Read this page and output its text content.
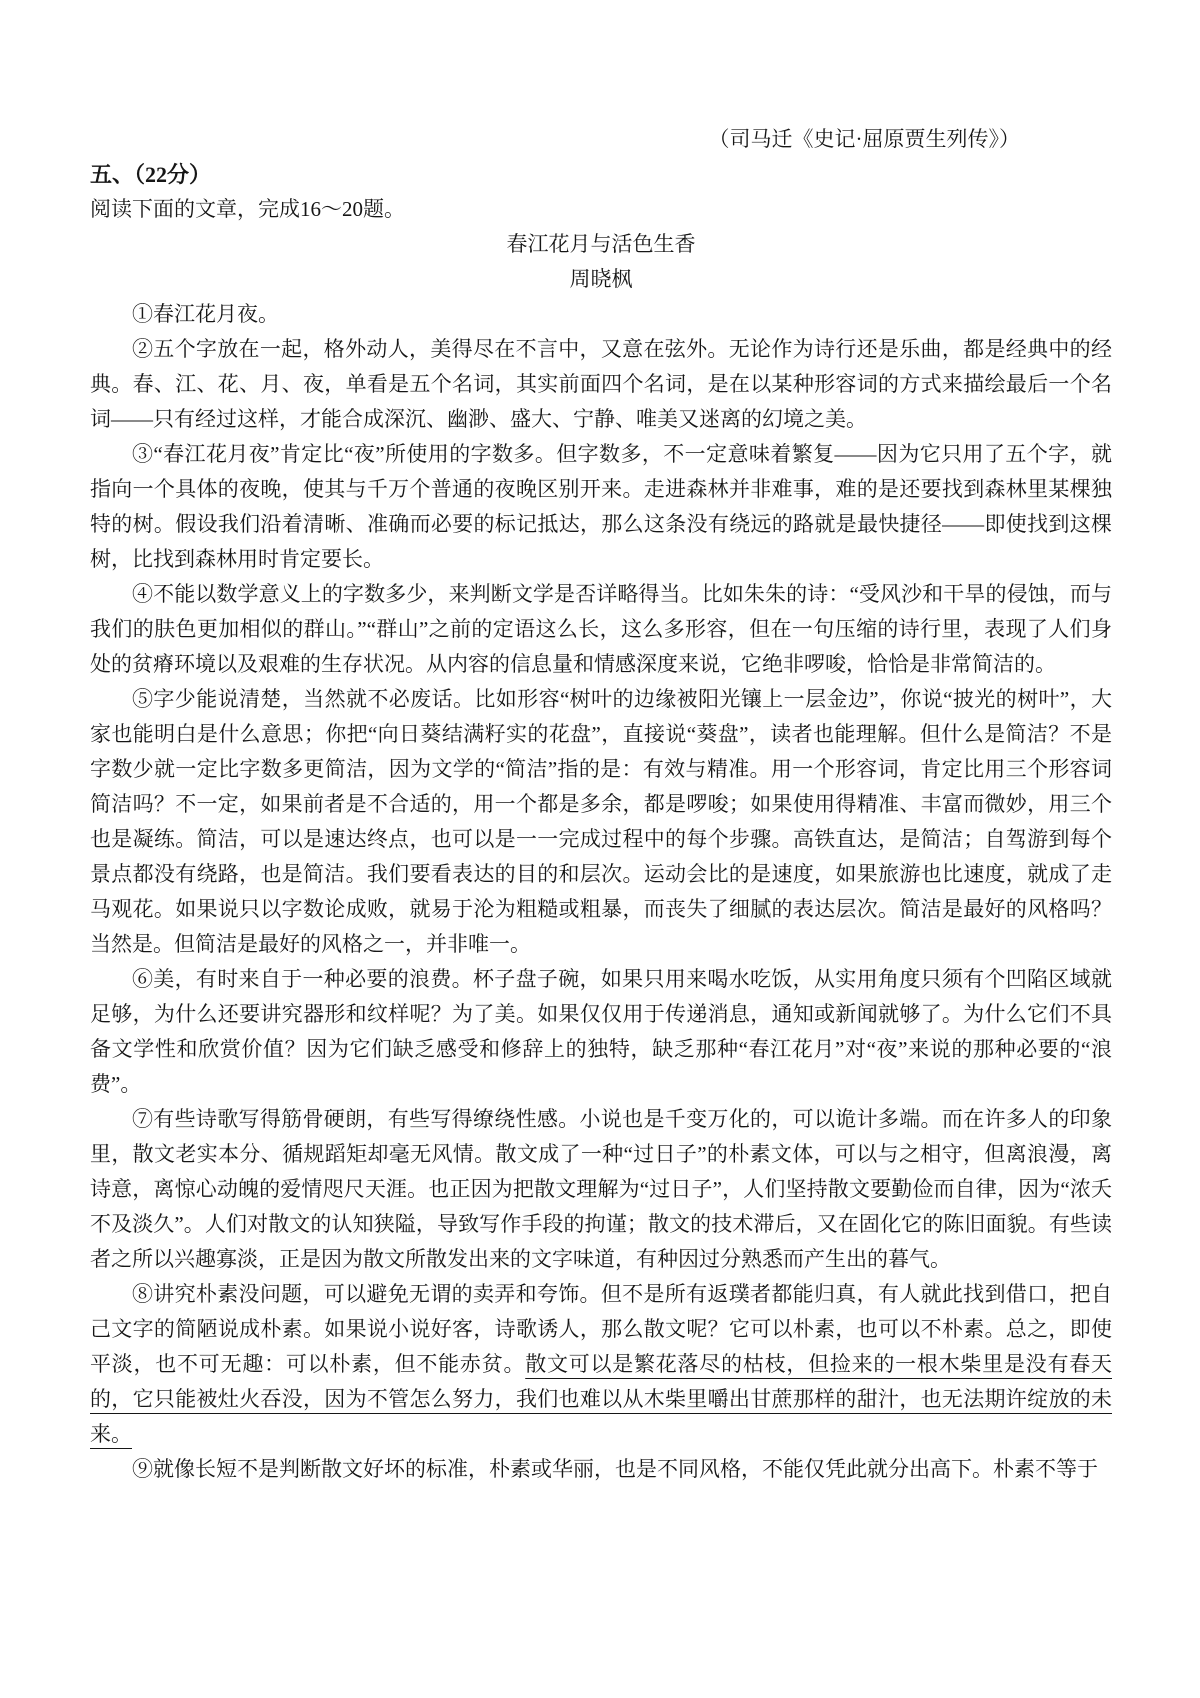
（司马迁《史记·屈原贾生列传》）
五、（22分）
阅读下面的文章，完成16～20题。
春江花月与活色生香
周晓枫

①春江花月夜。

②五个字放在一起，格外动人，美得尽在不言中，又意在弦外。无论作为诗行还是乐曲，都是经典中的经典。春、江、花、月、夜，单看是五个名词，其实前面四个名词，是在以某种形容词的方式来描绘最后一个名词——只有经过这样，才能合成深沉、幽渺、盛大、宁静、唯美又迷离的幻境之美。

③“春江花月夜”肯定比“夜”所使用的字数多。但字数多，不一定意味着繁复——因为它只用了五个字，就指向一个具体的夜晚，使其与千万个普通的夜晚区别开来。走进森林并非难事，难的是还要找到森林里某棵独特的树。假设我们沿着清晰、准确而必要的标记抵达，那么这条没有绕远的路就是最快捷径——即使找到这棵树，比找到森林用时肯定要长。

④不能以数学意义上的字数多少，来判断文学是否详略得当。比如朱朱的诗：“受风沙和干旱的侵蚀，而与我们的肤色更加相似的群山。”“群山”之前的定语这么长，这么多形容，但在一句压缩的诗行里，表现了人们身处的贫瘠环境以及艰难的生存状况。从内容的信息量和情感深度来说，它绝非啰唆，恰恰是非常简洁的。

⑤字少能说清楚，当然就不必废话。比如形容“树叶的边缘被阳光镶上一层金边”，你说“披光的树叶”，大家也能明白是什么意思；你把“向日葵结满籽实的花盘”，直接说“葵盘”，读者也能理解。但什么是简洁？不是字数少就一定比字数多更简洁，因为文学的“简洁”指的是：有效与精准。用一个形容词，肯定比用三个形容词简洁吗？不一定，如果前者是不合适的，用一个都是多余，都是啰唆；如果使用得精准、丰富而微妙，用三个也是凝练。简洁，可以是速达终点，也可以是一一完成过程中的每个步骤。高铁直达，是简洁；自驾游到每个景点都没有绕路，也是简洁。我们要看表达的目的和层次。运动会比的是速度，如果旅游也比速度，就成了走马观花。如果说只以字数论成败，就易于沦为粗糙或粗暴，而丧失了细腻的表达层次。简洁是最好的风格吗？当然是。但简洁是最好的风格之一，并非唯一。

⑥美，有时来自于一种必要的浪费。杯子盘子碗，如果只用来喝水吃饭，从实用角度只须有个凹陷区域就足够，为什么还要讲究器形和纹样呢？为了美。如果仅仅用于传递消息，通知或新闻就够了。为什么它们不具备文学性和欣赏价值？因为它们缺乏感受和修辞上的独特，缺乏那种“春江花月”对“夜”来说的那种必要的“浪费”。

⑦有些诗歌写得筋骨硬朗，有些写得缭绕性感。小说也是千变万化的，可以诡计多端。而在许多人的印象里，散文老实本分、循规蹈矩却毫无风情。散文成了一种“过日子”的朴素文体，可以与之相守，但离浪漫，离诗意，离惊心动魄的爱情咫尺天涯。也正因为把散文理解为“过日子”，人们坚持散文要勤俭而自律，因为“浓夭不及淡久”。人们对散文的认知狭隘，导致写作手段的拘谨；散文的技术滞后，又在固化它的陈旧面貌。有些读者之所以兴趣寡淡，正是因为散文所散发出来的文字味道，有种因过分熟悉而产生出的暮气。

⑧讲究朴素没问题，可以避免无谓的卖弄和夸饰。但不是所有返璞者都能归真，有人就此找到借口，把自己文字的简陋说成朴素。如果说小说好客，诗歌诱人，那么散文呢？它可以朴素，也可以不朴素。总之，即使平淡，也不可无趣：可以朴素，但不能赤贫。散文可以是繁花落尽的枯枝，但捡来的一根木柴里是没有春天的，它只能被灶火吞没，因为不管怎么努力，我们也难以从木柴里嚼出甘蔗那样的甜汁，也无法期许绽放的未来。

⑨就像长短不是判断散文好坏的标准，朴素或华丽，也是不同风格，不能仅凭此就分出高下。朴素不等于
